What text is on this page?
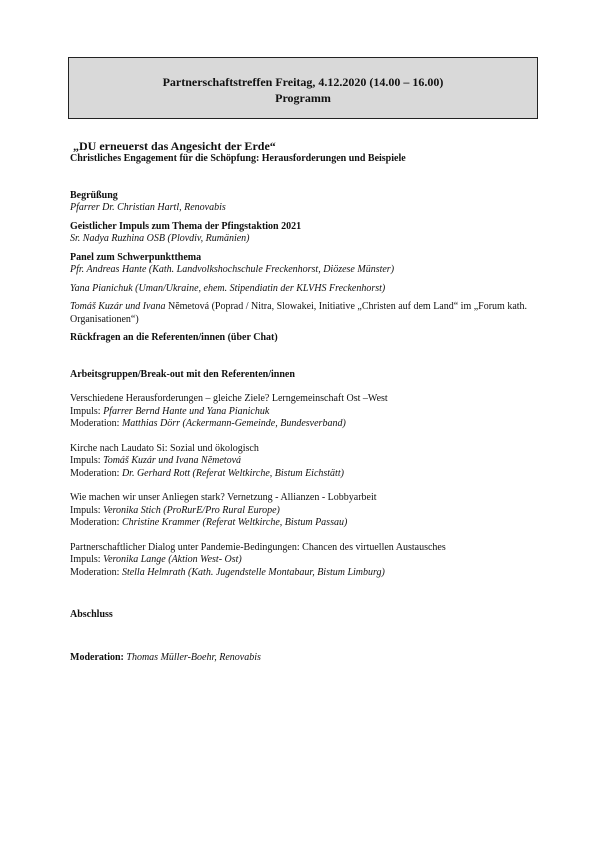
Partnerschaftstreffen Freitag, 4.12.2020 (14.00 – 16.00)
Programm

„DU erneuerst das Angesicht der Erde“

Christliches Engagement für die Schöpfung: Herausforderungen und Beispiele

Begrüßung

Pfarrer Dr. Christian Hartl, Renovabis

Geistlicher Impuls zum Thema der Pfingstaktion 2021

Sr. Nadya Ruzhina OSB (Plovdiv, Rumänien)

Panel zum Schwerpunktthema

Pfr. Andreas Hante (Kath. Landvolkshochschule Freckenhorst, Diözese Münster)

Yana Pianichuk (Uman/Ukraine, ehem. Stipendiatin der KLVHS Freckenhorst)

Tomáš Kuzár und Ivana Nĕmetová (Poprad / Nitra, Slowakei, Initiative „Christen auf dem Land“ im „Forum kath. Organisationen“)

Rückfragen an die Referenten/innen (über Chat)

Arbeitsgruppen/Break-out mit den Referenten/innen

Verschiedene Herausforderungen – gleiche Ziele? Lerngemeinschaft Ost –West

Impuls: Pfarrer Bernd Hante und Yana Pianichuk

Moderation: Matthias Dörr (Ackermann-Gemeinde, Bundesverband)

Kirche nach Laudato Si: Sozial und ökologisch

Impuls: Tomáš Kuzár und Ivana Nĕmetová

Moderation: Dr. Gerhard Rott (Referat Weltkirche, Bistum Eichstätt)

Wie machen wir unser Anliegen stark? Vernetzung - Allianzen - Lobbyarbeit

Impuls: Veronika Stich (ProRurE/Pro Rural Europe)

Moderation: Christine Krammer (Referat Weltkirche, Bistum Passau)

Partnerschaftlicher Dialog unter Pandemie-Bedingungen: Chancen des virtuellen Austausches

Impuls: Veronika Lange (Aktion West- Ost)

Moderation: Stella Helmrath (Kath. Jugendstelle Montabaur, Bistum Limburg)

Abschluss

Moderation: Thomas Müller-Boehr, Renovabis
